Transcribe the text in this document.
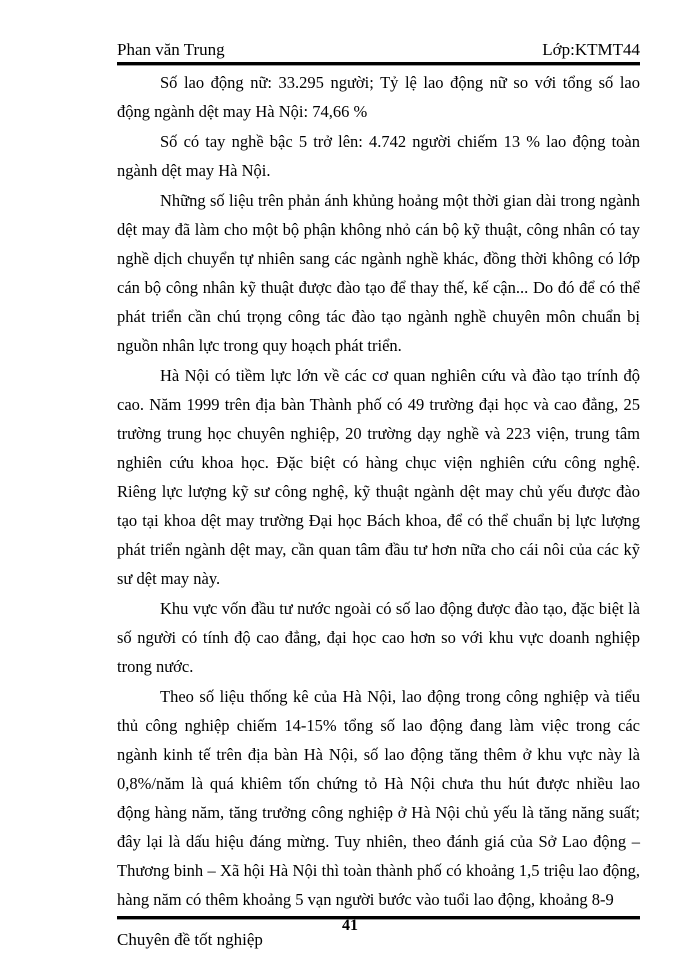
Phan văn Trung	Lớp:KTMT44
Số lao động nữ: 33.295 người; Tỷ lệ lao động nữ so với tổng số lao
động ngành dệt may Hà Nội: 74,66 %
Số có tay nghề bậc 5 trở lên: 4.742 người chiếm 13 % lao động toàn
ngành dệt may Hà Nội.
Những số liệu trên phản ánh khủng hoảng một thời gian dài trong ngành
dệt may đã làm cho một bộ phận không nhỏ cán bộ kỹ thuật, công nhân có tay
nghề dịch chuyển tự nhiên sang các ngành nghề khác, đồng thời không có lớp
cán bộ công nhân kỹ thuật được đào tạo để thay thế, kế cận... Do đó để có thể
phát triển cần chú trọng công tác đào tạo ngành nghề chuyên môn chuẩn bị
nguồn nhân lực trong quy hoạch phát triển.
Hà Nội có tiềm lực lớn về các cơ quan nghiên cứu và đào tạo trính độ
cao. Năm 1999 trên địa bàn Thành phố có 49 trường đại học và cao đẳng, 25
trường trung học chuyên nghiệp, 20 trường dạy nghề và 223 viện, trung tâm
nghiên cứu khoa học. Đặc biệt có hàng chục viện nghiên cứu công nghệ.
Riêng lực lượng kỹ sư công nghệ, kỹ thuật ngành dệt may chủ yếu được đào
tạo tại khoa dệt may trường Đại học Bách khoa, để có thể chuẩn bị lực lượng
phát triển ngành dệt may, cần quan tâm đầu tư hơn nữa cho cái nôi của các kỹ
sư dệt may này.
Khu vực vốn đầu tư nước ngoài có số lao động được đào tạo, đặc biệt là
số người có tính độ cao đẳng, đại học cao hơn so với khu vực doanh nghiệp
trong nước.
Theo số liệu thống kê của Hà Nội, lao động trong công nghiệp và tiểu
thủ công nghiệp chiếm 14-15% tổng số lao động đang làm việc trong các
ngành kinh tế trên địa bàn Hà Nội, số lao động tăng thêm ở khu vực này là
0,8%/năm là quá khiêm tốn chứng tỏ Hà Nội chưa thu hút được nhiều lao
động hàng năm, tăng trưởng công nghiệp ở Hà Nội chủ yếu là tăng năng suất;
đây lại là dấu hiệu đáng mừng. Tuy nhiên, theo đánh giá của Sở Lao động –
Thương binh – Xã hội Hà Nội thì toàn thành phố có khoảng 1,5 triệu lao động,
hàng năm có thêm khoảng 5 vạn người bước vào tuổi lao động, khoảng 8-9
41
Chuyên đề tốt nghiệp
